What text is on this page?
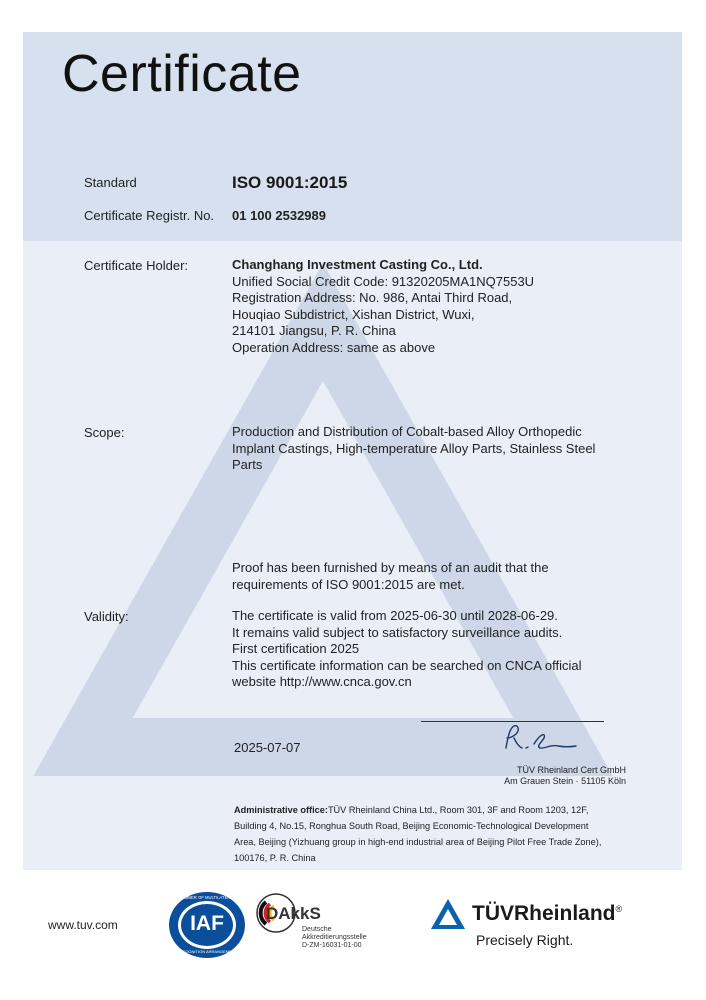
Certificate
Standard	ISO 9001:2015
Certificate Registr. No. 01 100 2532989
Certificate Holder:	Changhang Investment Casting Co., Ltd.
Unified Social Credit Code: 91320205MA1NQ7553U
Registration Address: No. 986, Antai Third Road,
Houqiao Subdistrict, Xishan District, Wuxi,
214101 Jiangsu, P. R. China
Operation Address: same as above
Scope:	Production and Distribution of Cobalt-based Alloy Orthopedic
Implant Castings, High-temperature Alloy Parts, Stainless Steel
Parts
Proof has been furnished by means of an audit that the
requirements of ISO 9001:2015 are met.
Validity:	The certificate is valid from 2025-06-30 until 2028-06-29.
It remains valid subject to satisfactory surveillance audits.
First certification 2025
This certificate information can be searched on CNCA official
website http://www.cnca.gov.cn
2025-07-07
TÜV Rheinland Cert GmbH
Am Grauen Stein · 51105 Köln
Administrative office:TÜV Rheinland China Ltd., Room 301, 3F and Room 1203, 12F,
Building 4, No.15, Ronghua South Road, Beijing Economic-Technological Development
Area, Beijing (Yizhuang group in high-end industrial area of Beijing Pilot Free Trade Zone),
100176, P. R. China
www.tuv.com	IAF
MEMBER OF MULTILATERAL
RECOGNITION ARRANGEMENT
DAkkS
Deutsche
Akkreditierungsstelle
D-ZM-16031-01-00
TÜVRheinland®
Precisely Right.
